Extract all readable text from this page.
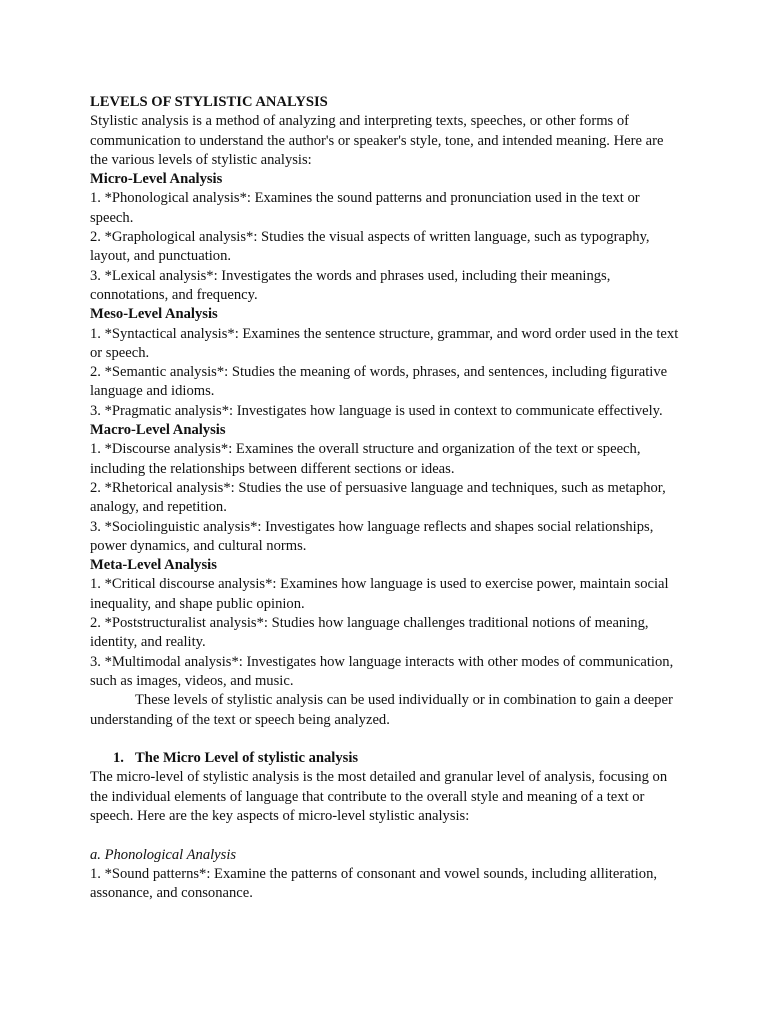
LEVELS OF STYLISTIC ANALYSIS

Stylistic analysis is a method of analyzing and interpreting texts, speeches, or other forms of communication to understand the author's or speaker's style, tone, and intended meaning. Here are the various levels of stylistic analysis:

Micro-Level Analysis

1. *Phonological analysis*: Examines the sound patterns and pronunciation used in the text or speech.

2. *Graphological analysis*: Studies the visual aspects of written language, such as typography, layout, and punctuation.

3. *Lexical analysis*: Investigates the words and phrases used, including their meanings, connotations, and frequency.

Meso-Level Analysis

1. *Syntactical analysis*: Examines the sentence structure, grammar, and word order used in the text or speech.

2. *Semantic analysis*: Studies the meaning of words, phrases, and sentences, including figurative language and idioms.

3. *Pragmatic analysis*: Investigates how language is used in context to communicate effectively.

Macro-Level Analysis

1. *Discourse analysis*: Examines the overall structure and organization of the text or speech, including the relationships between different sections or ideas.

2. *Rhetorical analysis*: Studies the use of persuasive language and techniques, such as metaphor, analogy, and repetition.

3. *Sociolinguistic analysis*: Investigates how language reflects and shapes social relationships, power dynamics, and cultural norms.

Meta-Level Analysis

1. *Critical discourse analysis*: Examines how language is used to exercise power, maintain social inequality, and shape public opinion.

2. *Poststructuralist analysis*: Studies how language challenges traditional notions of meaning, identity, and reality.

3. *Multimodal analysis*: Investigates how language interacts with other modes of communication, such as images, videos, and music.

These levels of stylistic analysis can be used individually or in combination to gain a deeper understanding of the text or speech being analyzed.

1. The Micro Level of stylistic analysis

The micro-level of stylistic analysis is the most detailed and granular level of analysis, focusing on the individual elements of language that contribute to the overall style and meaning of a text or speech. Here are the key aspects of micro-level stylistic analysis:

a. Phonological Analysis

1. *Sound patterns*: Examine the patterns of consonant and vowel sounds, including alliteration, assonance, and consonance.
